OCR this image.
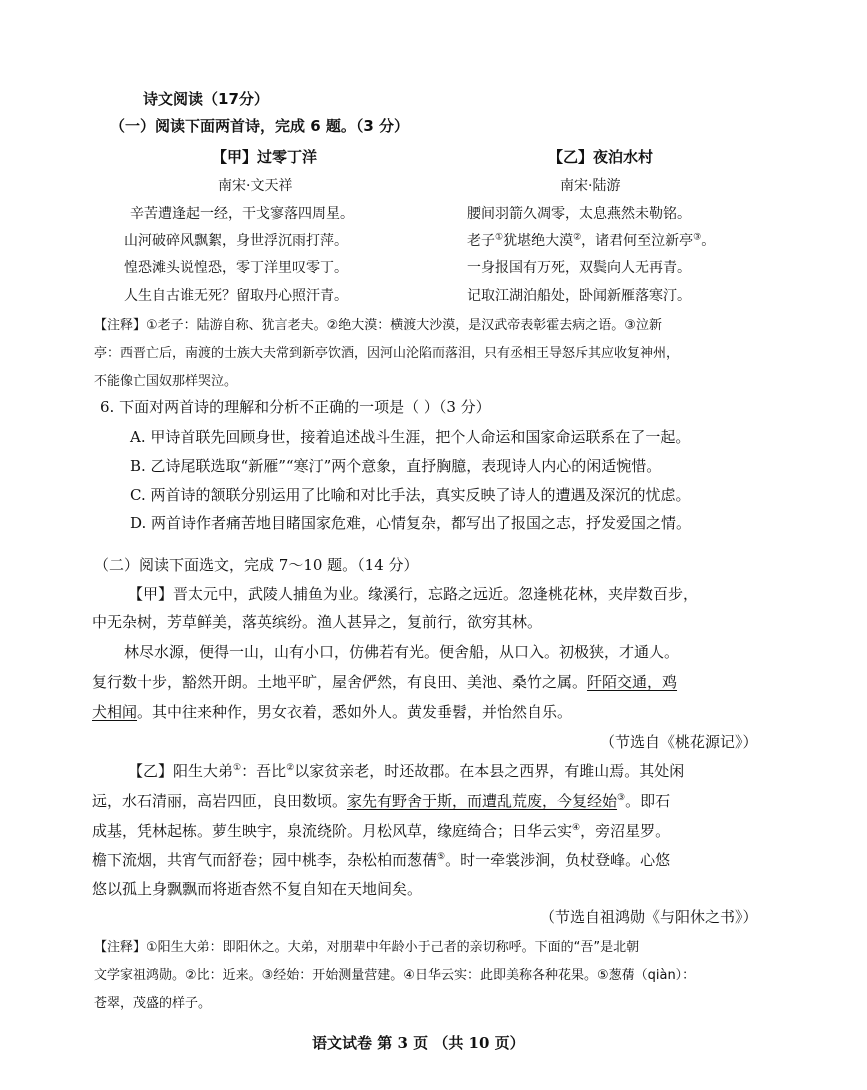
诗文阅读（17分）
（一）阅读下面两首诗，完成 6 题。（3 分）
【甲】过零丁洋
南宋·文天祥
辛苦遭逢起一经，干戈寥落四周星。
山河破碎风飘絮，身世浮沉雨打萍。
惶恐滩头说惶恐，零丁洋里叹零丁。
人生自古谁无死？留取丹心照汗青。
【乙】夜泊水村
南宋·陆游
腰间羽箭久凋零，太息燕然未勒铭。
老子①犹堪绝大漠②，诸君何至泣新亭③。
一身报国有万死，双鬓向人无再青。
记取江湖泊船处，卧闻新雁落寒汀。
【注释】①老子：陆游自称、犹言老夫。②绝大漠：横渡大沙漠，是汉武帝表彰霍去病之语。③泣新
亭：西晋亡后，南渡的士族大夫常到新亭饮酒，因河山沦陷而落泪，只有丞相王导怒斥其应收复神州，
不能像亡国奴那样哭泣。
6. 下面对两首诗的理解和分析不正确的一项是（ ）（3 分）
A. 甲诗首联先回顾身世，接着追述战斗生涯，把个人命运和国家命运联系在了一起。
B. 乙诗尾联选取“新雁”“寒汀”两个意象，直抒胸臆，表现诗人内心的闲适惋惜。
C. 两首诗的颔联分别运用了比喻和对比手法，真实反映了诗人的遭遇及深沉的忧虑。
D. 两首诗作者痛苦地目睹国家危难，心情复杂，都写出了报国之志，抒发爱国之情。
（二）阅读下面选文，完成 7～10 题。（14 分）
【甲】晋太元中，武陵人捕鱼为业。缘溪行，忘路之远近。忽逢桃花林，夹岸数百步，
中无杂树，芳草鲜美，落英缤纷。渔人甚异之，复前行，欲穷其林。
林尽水源，便得一山，山有小口，仿佛若有光。便舍船，从口入。初极狭，才通人。
复行数十步，豁然开朗。土地平旷，屋舍俨然，有良田、美池、桑竹之属。阡陌交通，鸡
犬相闻。其中往来种作，男女衣着，悉如外人。黄发垂髫，并怡然自乐。
（节选自《桃花源记》）
【乙】阳生大弟①：吾比②以家贫亲老，时还故郡。在本县之西界，有雎山焉。其处闲
远，水石清丽，高岩四匝，良田数顷。家先有野舍于斯，而遭乱荒废，今复经始③。即石
成基，凭林起栋。萝生映宇，泉流绕阶。月松风草，缘庭绮合；日华云实④，旁沼星罗。
檐下流烟，共宵气而舒卷；园中桃李，杂松柏而葱蒨⑤。时一牵裳涉涧，负杖登峰。心悠
悠以孤上身飘飘而将逝杳然不复自知在天地间矣。
（节选自祖鸿勋《与阳休之书》）
【注释】①阳生大弟：即阳休之。大弟，对朋辈中年龄小于己者的亲切称呼。下面的“吾”是北朝
文学家祖鸿勋。②比：近来。③经始：开始测量营建。④日华云实：此即美称各种花果。⑤葱蒨（qiàn）：
苍翠，茂盛的样子。
语文试卷 第 3 页 （共 10 页）
